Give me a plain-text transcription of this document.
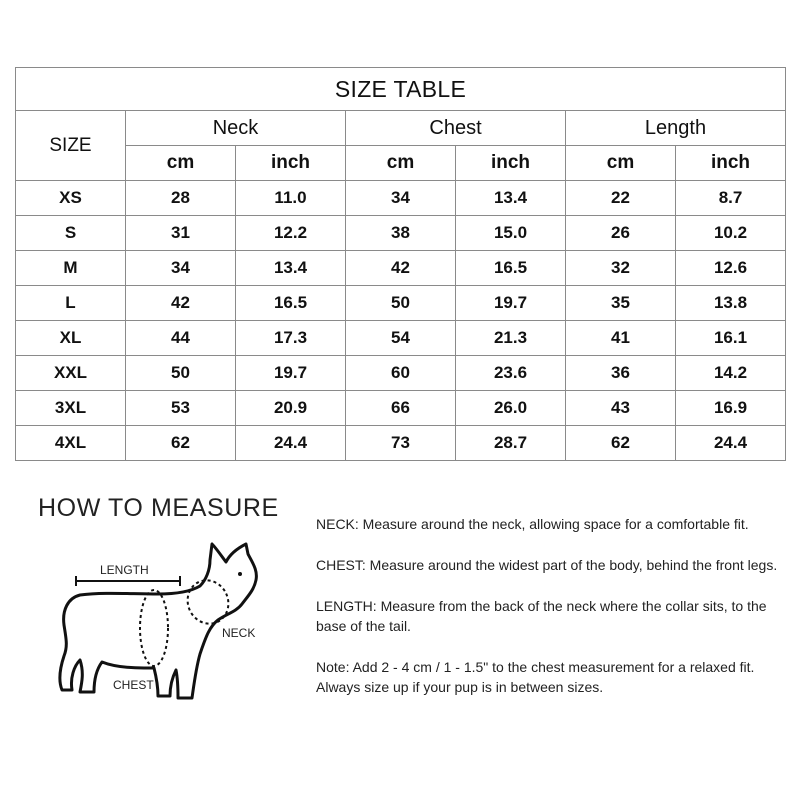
SIZE TABLE						
SIZE	Neck		Chest		Length	
	cm	inch	cm	inch	cm	inch
XS	28	11.0	34	13.4	22	8.7
S	31	12.2	38	15.0	26	10.2
M	34	13.4	42	16.5	32	12.6
L	42	16.5	50	19.7	35	13.8
XL	44	17.3	54	21.3	41	16.1
XXL	50	19.7	60	23.6	36	14.2
3XL	53	20.9	66	26.0	43	16.9
4XL	62	24.4	73	28.7	62	24.4
HOW TO MEASURE
LENGTH
NECK
CHEST

NECK: Measure around the neck, allowing space for a comfortable fit.

CHEST: Measure around the widest part of the body, behind the front legs.

LENGTH: Measure from the back of the neck where the collar sits, to the base of the tail.

Note: Add 2 - 4 cm / 1 - 1.5" to the chest measurement for a relaxed fit. Always size up if your pup is in between sizes.
